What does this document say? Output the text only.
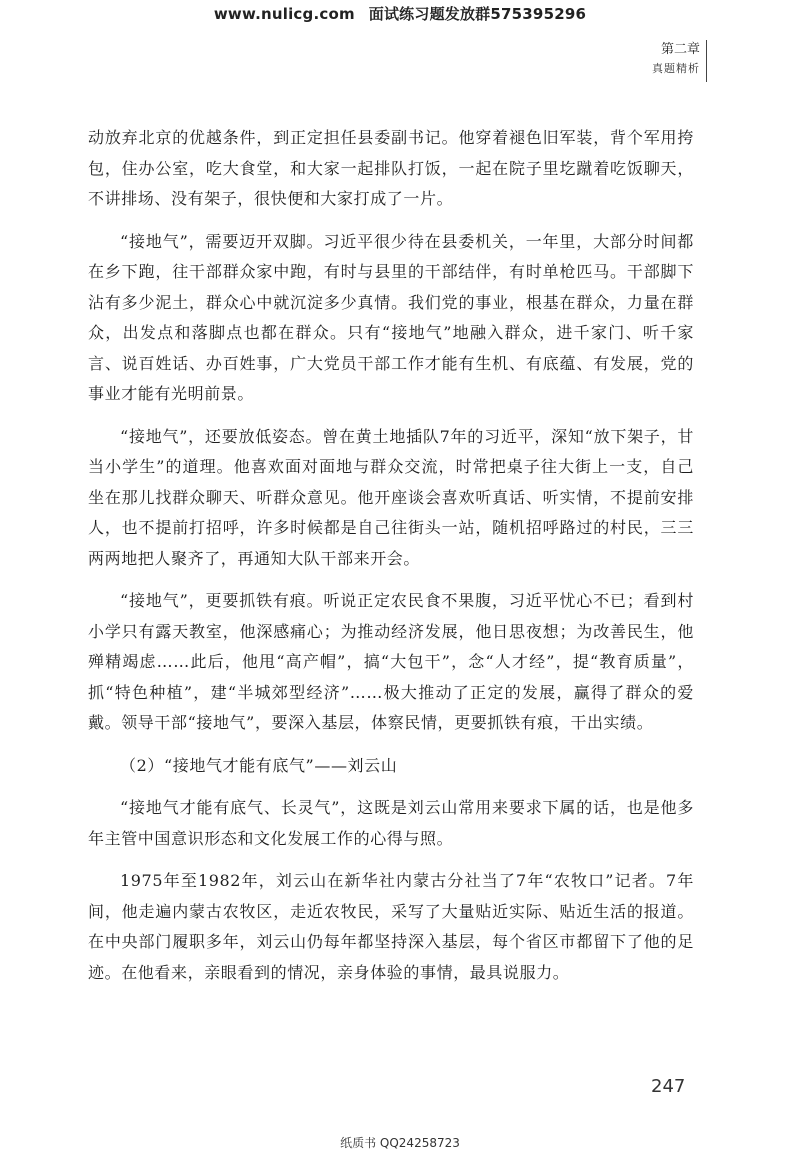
www.nulicg.com 面试练习题发放群575395296
第二章
真题精析

动放弃北京的优越条件，到正定担任县委副书记。他穿着褪色旧军装，背个军用挎包，住办公室，吃大食堂，和大家一起排队打饭，一起在院子里圪蹴着吃饭聊天，不讲排场、没有架子，很快便和大家打成了一片。

“接地气”，需要迈开双脚。习近平很少待在县委机关，一年里，大部分时间都在乡下跑，往干部群众家中跑，有时与县里的干部结伴，有时单枪匹马。干部脚下沾有多少泥土，群众心中就沉淀多少真情。我们党的事业，根基在群众，力量在群众，出发点和落脚点也都在群众。只有“接地气”地融入群众，进千家门、听千家言、说百姓话、办百姓事，广大党员干部工作才能有生机、有底蕴、有发展，党的事业才能有光明前景。

“接地气”，还要放低姿态。曾在黄土地插队7年的习近平，深知“放下架子，甘当小学生”的道理。他喜欢面对面地与群众交流，时常把桌子往大街上一支，自己坐在那儿找群众聊天、听群众意见。他开座谈会喜欢听真话、听实情，不提前安排人，也不提前打招呼，许多时候都是自己往街头一站，随机招呼路过的村民，三三两两地把人聚齐了，再通知大队干部来开会。

“接地气”，更要抓铁有痕。听说正定农民食不果腹，习近平忧心不已；看到村小学只有露天教室，他深感痛心；为推动经济发展，他日思夜想；为改善民生，他殚精竭虑……此后，他甩“高产帽”，搞“大包干”，念“人才经”，提“教育质量”，抓“特色种植”，建“半城郊型经济”……极大推动了正定的发展，赢得了群众的爱戴。领导干部“接地气”，要深入基层，体察民情，更要抓铁有痕，干出实绩。

（2）“接地气才能有底气”——刘云山

“接地气才能有底气、长灵气”，这既是刘云山常用来要求下属的话，也是他多年主管中国意识形态和文化发展工作的心得与照。

1975年至1982年，刘云山在新华社内蒙古分社当了7年“农牧口”记者。7年间，他走遍内蒙古农牧区，走近农牧民，采写了大量贴近实际、贴近生活的报道。在中央部门履职多年，刘云山仍每年都坚持深入基层，每个省区市都留下了他的足迹。在他看来，亲眼看到的情况，亲身体验的事情，最具说服力。

247
纸质书 QQ24258723
